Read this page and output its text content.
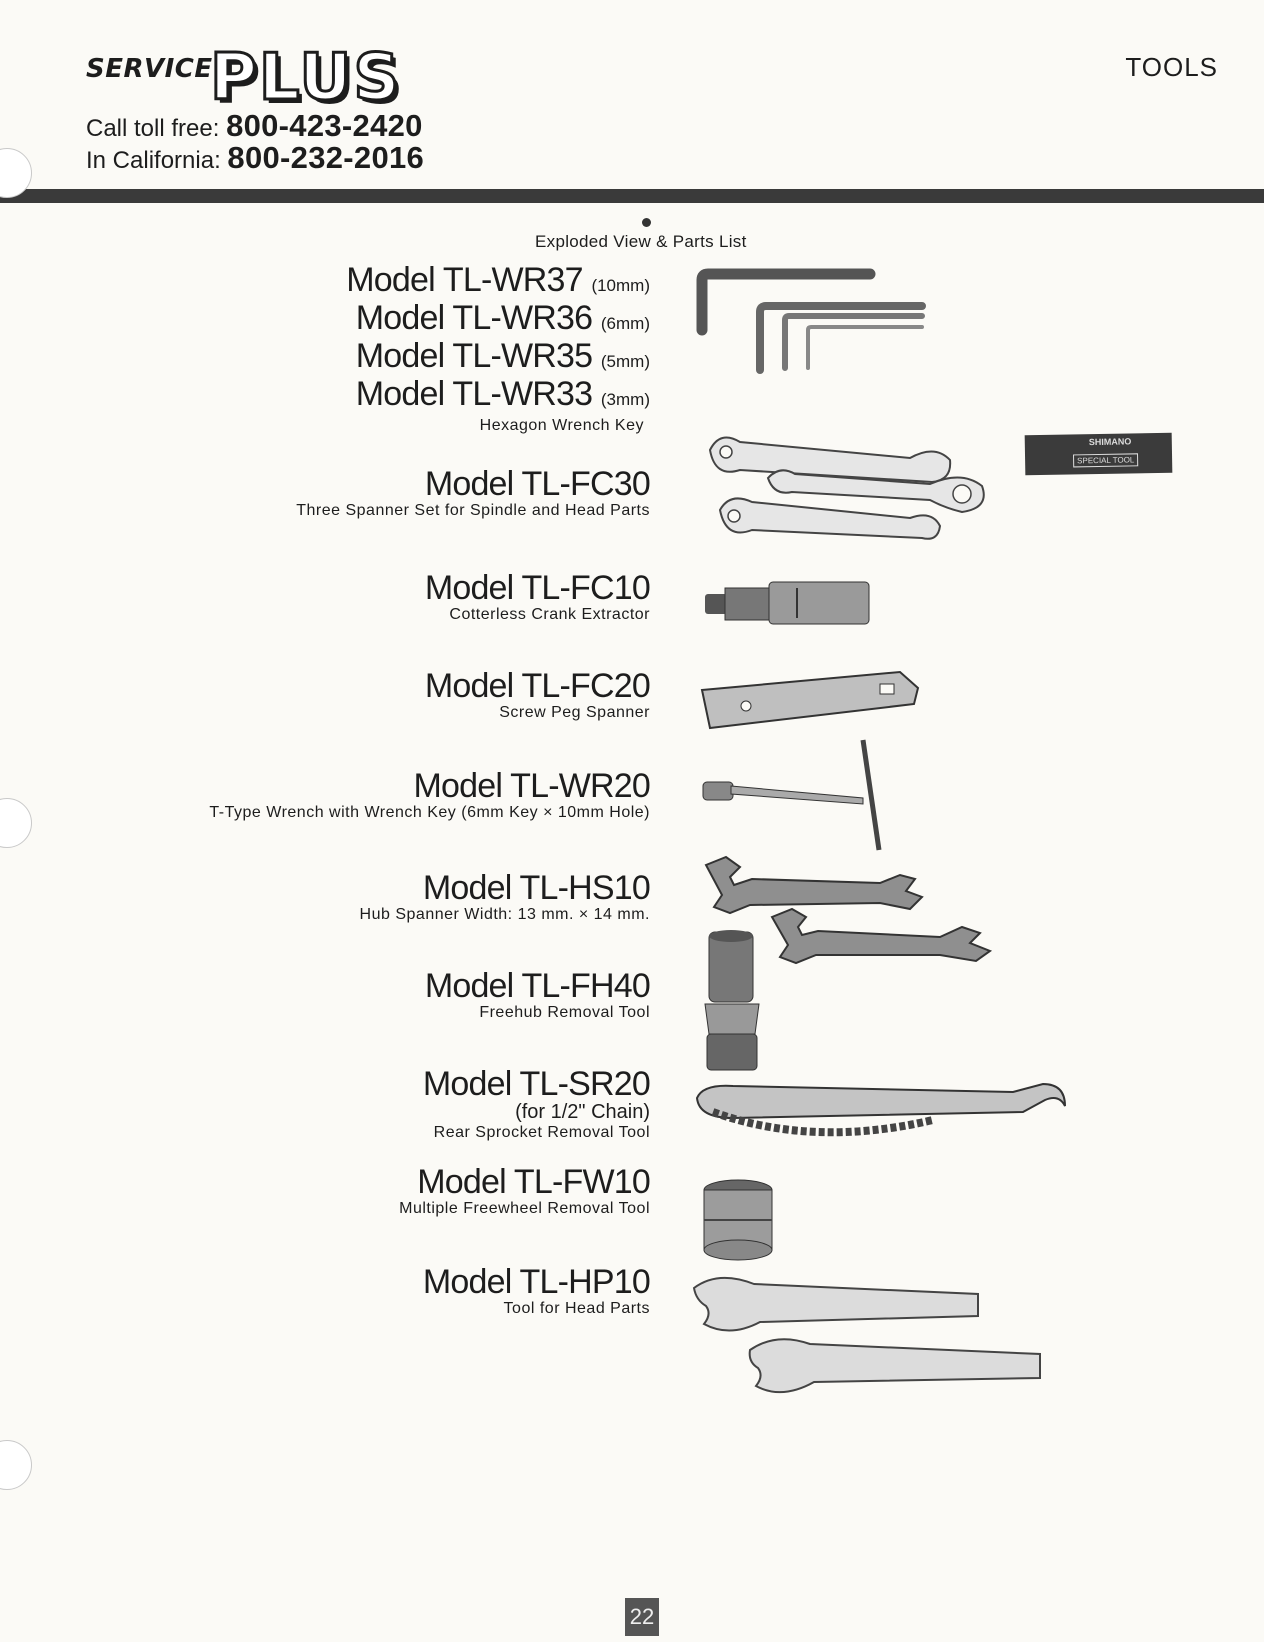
SERVICE
PLUS
Call toll free: 800-423-2420
In California: 800-232-2016
TOOLS
Exploded View & Parts List
Model TL-WR37 (10mm)
Model TL-WR36 (6mm)
Model TL-WR35 (5mm)
Model TL-WR33 (3mm)
Hexagon Wrench Key
Model TL-FC30
Three Spanner Set for Spindle and Head Parts
SHIMANO
SPECIAL TOOL
Model TL-FC10
Cotterless Crank Extractor
Model TL-FC20
Screw Peg Spanner
Model TL-WR20
T-Type Wrench with Wrench Key (6mm Key × 10mm Hole)
Model TL-HS10
Hub Spanner Width: 13 mm. × 14 mm.
Model TL-FH40
Freehub Removal Tool
Model TL-SR20
(for 1/2" Chain)
Rear Sprocket Removal Tool
Model TL-FW10
Multiple Freewheel Removal Tool
Model TL-HP10
Tool for Head Parts
22
